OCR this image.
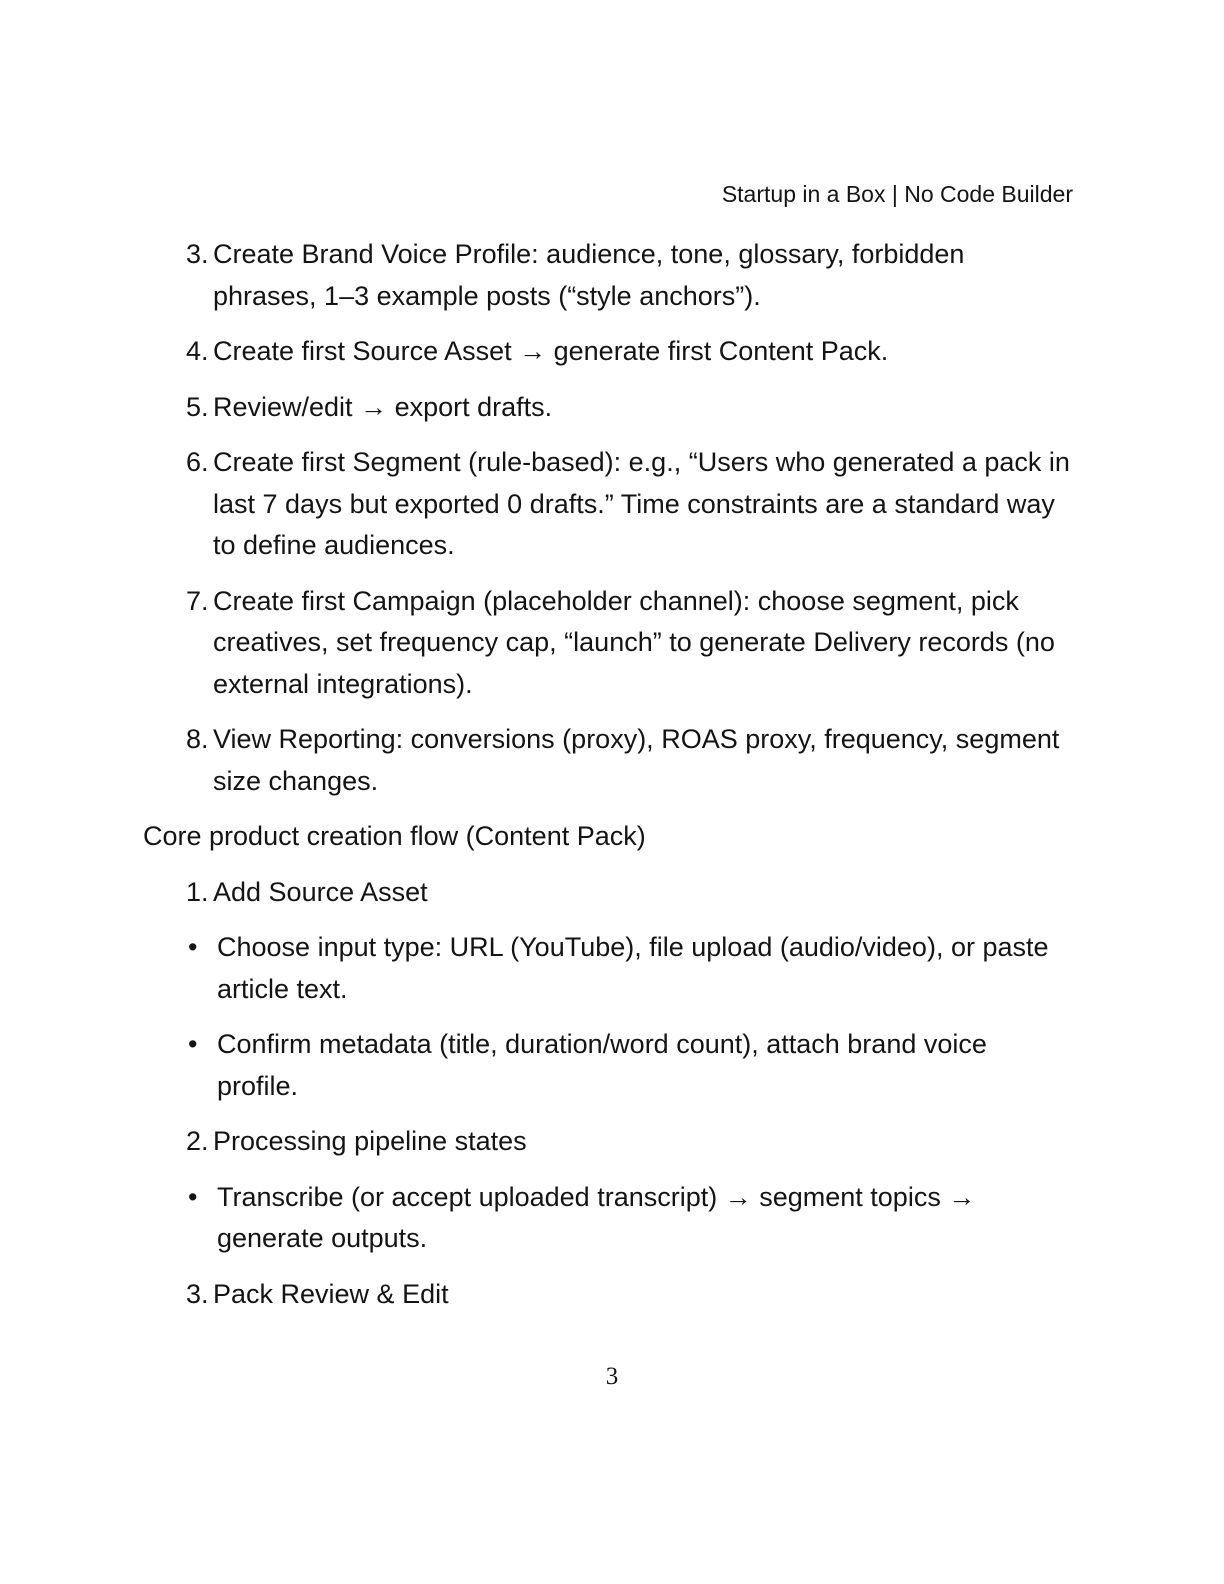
Startup in a Box | No Code Builder
3. Create Brand Voice Profile: audience, tone, glossary, forbidden phrases, 1–3 example posts (“style anchors”).
4. Create first Source Asset → generate first Content Pack.
5. Review/edit → export drafts.
6. Create first Segment (rule-based): e.g., “Users who generated a pack in last 7 days but exported 0 drafts.” Time constraints are a standard way to define audiences.
7. Create first Campaign (placeholder channel): choose segment, pick creatives, set frequency cap, “launch” to generate Delivery records (no external integrations).
8. View Reporting: conversions (proxy), ROAS proxy, frequency, segment size changes.
Core product creation flow (Content Pack)
1. Add Source Asset
• Choose input type: URL (YouTube), file upload (audio/video), or paste article text.
• Confirm metadata (title, duration/word count), attach brand voice profile.
2. Processing pipeline states
• Transcribe (or accept uploaded transcript) → segment topics → generate outputs.
3. Pack Review & Edit
3
